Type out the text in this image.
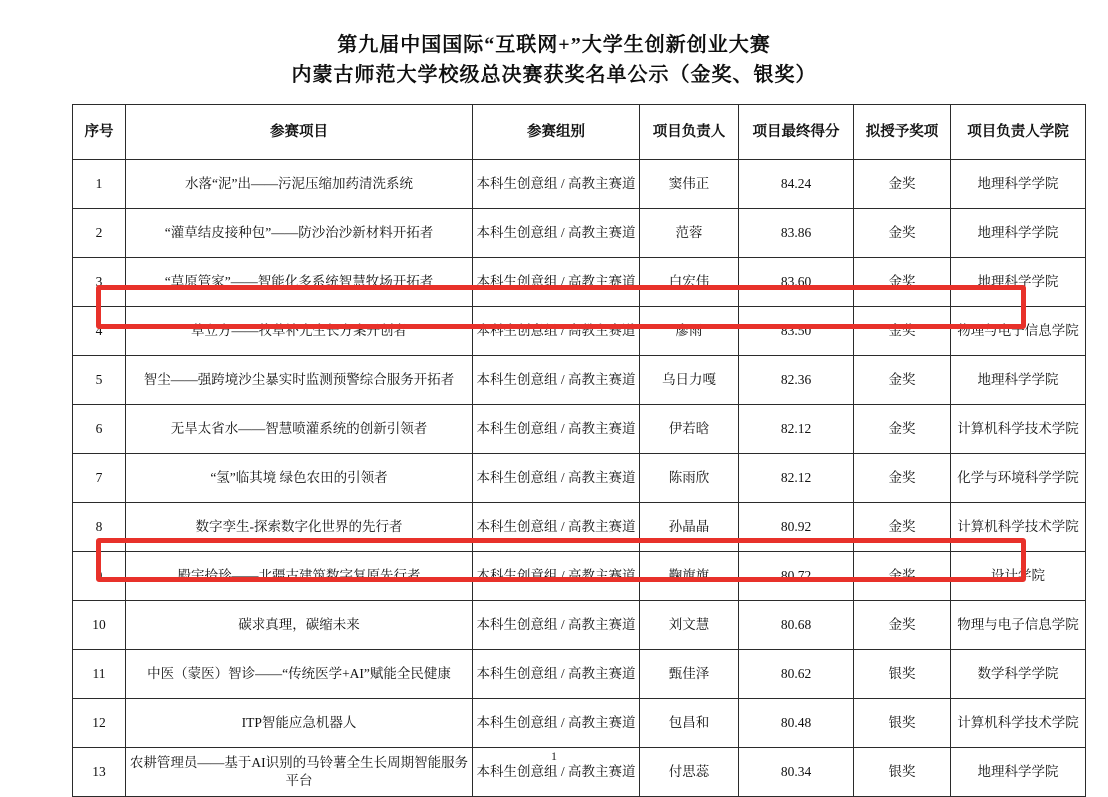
第九届中国国际“互联网+”大学生创新创业大赛
内蒙古师范大学校级总决赛获奖名单公示（金奖、银奖）
序号	参赛项目	参赛组别	项目负责人	项目最终得分	拟授予奖项	项目负责人学院
1	水落“泥”出——污泥压缩加药清洗系统	本科生创意组 / 高教主赛道	窦伟正	84.24	金奖	地理科学学院
2	“灌草结皮接种包”——防沙治沙新材料开拓者	本科生创意组 / 高教主赛道	范蓉	83.86	金奖	地理科学学院
3	“草原管家”——智能化多系统智慧牧场开拓者	本科生创意组 / 高教主赛道	白宏伟	83.60	金奖	地理科学学院
4	草立方——牧草补光生长方案开创者	本科生创意组 / 高教主赛道	廖雨	83.50	金奖	物理与电子信息学院
5	智尘——强跨境沙尘暴实时监测预警综合服务开拓者	本科生创意组 / 高教主赛道	乌日力嘎	82.36	金奖	地理科学学院
6	无旱太省水——智慧喷灌系统的创新引领者	本科生创意组 / 高教主赛道	伊若晗	82.12	金奖	计算机科学技术学院
7	“氢”临其境 绿色农田的引领者	本科生创意组 / 高教主赛道	陈雨欣	82.12	金奖	化学与环境科学学院
8	数字孪生-探索数字化世界的先行者	本科生创意组 / 高教主赛道	孙晶晶	80.92	金奖	计算机科学技术学院
9	殿宇拾珍——北疆古建筑数字复原先行者	本科生创意组 / 高教主赛道	鞠旗旗	80.72	金奖	设计学院
10	碳求真理，碳缩未来	本科生创意组 / 高教主赛道	刘文慧	80.68	金奖	物理与电子信息学院
11	中医（蒙医）智诊——“传统医学+AI”赋能全民健康	本科生创意组 / 高教主赛道	甄佳泽	80.62	银奖	数学科学学院
12	ITP智能应急机器人	本科生创意组 / 高教主赛道	包昌和	80.48	银奖	计算机科学技术学院
13	农耕管理员——基于AI识别的马铃薯全生长周期智能服务平台	本科生创意组 / 高教主赛道	付思蕊	80.34	银奖	地理科学学院
1
